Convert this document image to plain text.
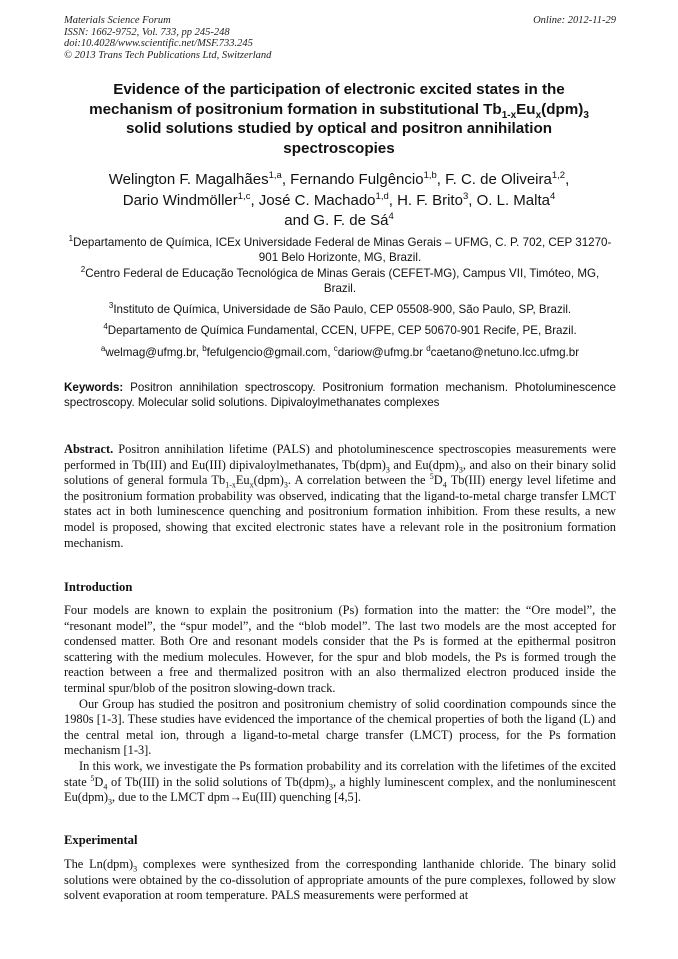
Materials Science Forum
ISSN: 1662-9752, Vol. 733, pp 245-248
doi:10.4028/www.scientific.net/MSF.733.245
© 2013 Trans Tech Publications Ltd, Switzerland
Online: 2012-11-29
Evidence of the participation of electronic excited states in the mechanism of positronium formation in substitutional $Tb_{1-x}Eu_x(dpm)_3$ solid solutions studied by optical and positron annihilation spectroscopies
Welington F. Magalhães$^{1,a}$, Fernando Fulgêncio$^{1,b}$, F. C. de Oliveira$^{1,2}$,
Dario Windmöller$^{1,c}$, José C. Machado$^{1,d}$, H. F. Brito$^3$, O. L. Malta$^4$
and G. F. de $Sá^4$
$^1$Departamento de Química, ICEx Universidade Federal de Minas Gerais – UFMG, C. P. 702, CEP 31270-901 Belo Horizonte, MG, Brazil.
$^2$Centro Federal de Educação Tecnológica de Minas Gerais (CEFET-MG), Campus VII, Timóteo, MG, Brazil.
$^3$Instituto de Química, Universidade de São Paulo, CEP 05508-900, São Paulo, SP, Brazil.
$^4$Departamento de Química Fundamental, CCEN, UFPE, CEP 50670-901 Recife, PE, Brazil.
$^a$welmag@ufmg.br, $^b$fefulgencio@gmail.com, $^c$dariow@ufmg.br $^d$caetano@netuno.lcc.ufmg.br
Keywords: Positron annihilation spectroscopy. Positronium formation mechanism. Photoluminescence spectroscopy. Molecular solid solutions. Dipivaloylmethanates complexes
Abstract. Positron annihilation lifetime (PALS) and photoluminescence spectroscopies measurements were performed in Tb(III) and Eu(III) dipivaloylmethanates, $Tb(dpm)_3$ and $Eu(dpm)_3$, and also on their binary solid solutions of general formula $Tb_{1-x}Eu_x(dpm)_3$. A correlation between the $^5D_4$ Tb(III) energy level lifetime and the positronium formation probability was observed, indicating that the ligand-to-metal charge transfer LMCT states act in both luminescence quenching and positronium formation inhibition. From these results, a new model is proposed, showing that excited electronic states have a relevant role in the positronium formation mechanism.
Introduction

Four models are known to explain the positronium (Ps) formation into the matter: the “Ore model”, the “resonant model”, the “spur model”, and the “blob model”. The last two models are the most accepted for condensed matter. Both Ore and resonant models consider that the Ps is formed at the epithermal positron scattering with the medium molecules. However, for the spur and blob models, the Ps is formed trough the reaction between a free and thermalized positron with an also thermalized electron produced inside the terminal spur/blob of the positron slowing-down track.

Our Group has studied the positron and positronium chemistry of solid coordination compounds since the 1980s [1-3]. These studies have evidenced the importance of the chemical properties of both the ligand (L) and the central metal ion, through a ligand-to-metal charge transfer (LMCT) process, for the Ps formation mechanism [1-3].

In this work, we investigate the Ps formation probability and its correlation with the lifetimes of the excited state $^5D_4$ of Tb(III) in the solid solutions of $Tb(dpm)_3$, a highly luminescent complex, and the nonluminescent $Eu(dpm)_3$, due to the LMCT dpm→Eu(III) quenching [4,5].

Experimental
The $Ln(dpm)_3$ complexes were synthesized from the corresponding lanthanide chloride. The binary solid solutions were obtained by the co-dissolution of appropriate amounts of the pure complexes, followed by slow solvent evaporation at room temperature. PALS measurements were performed at
